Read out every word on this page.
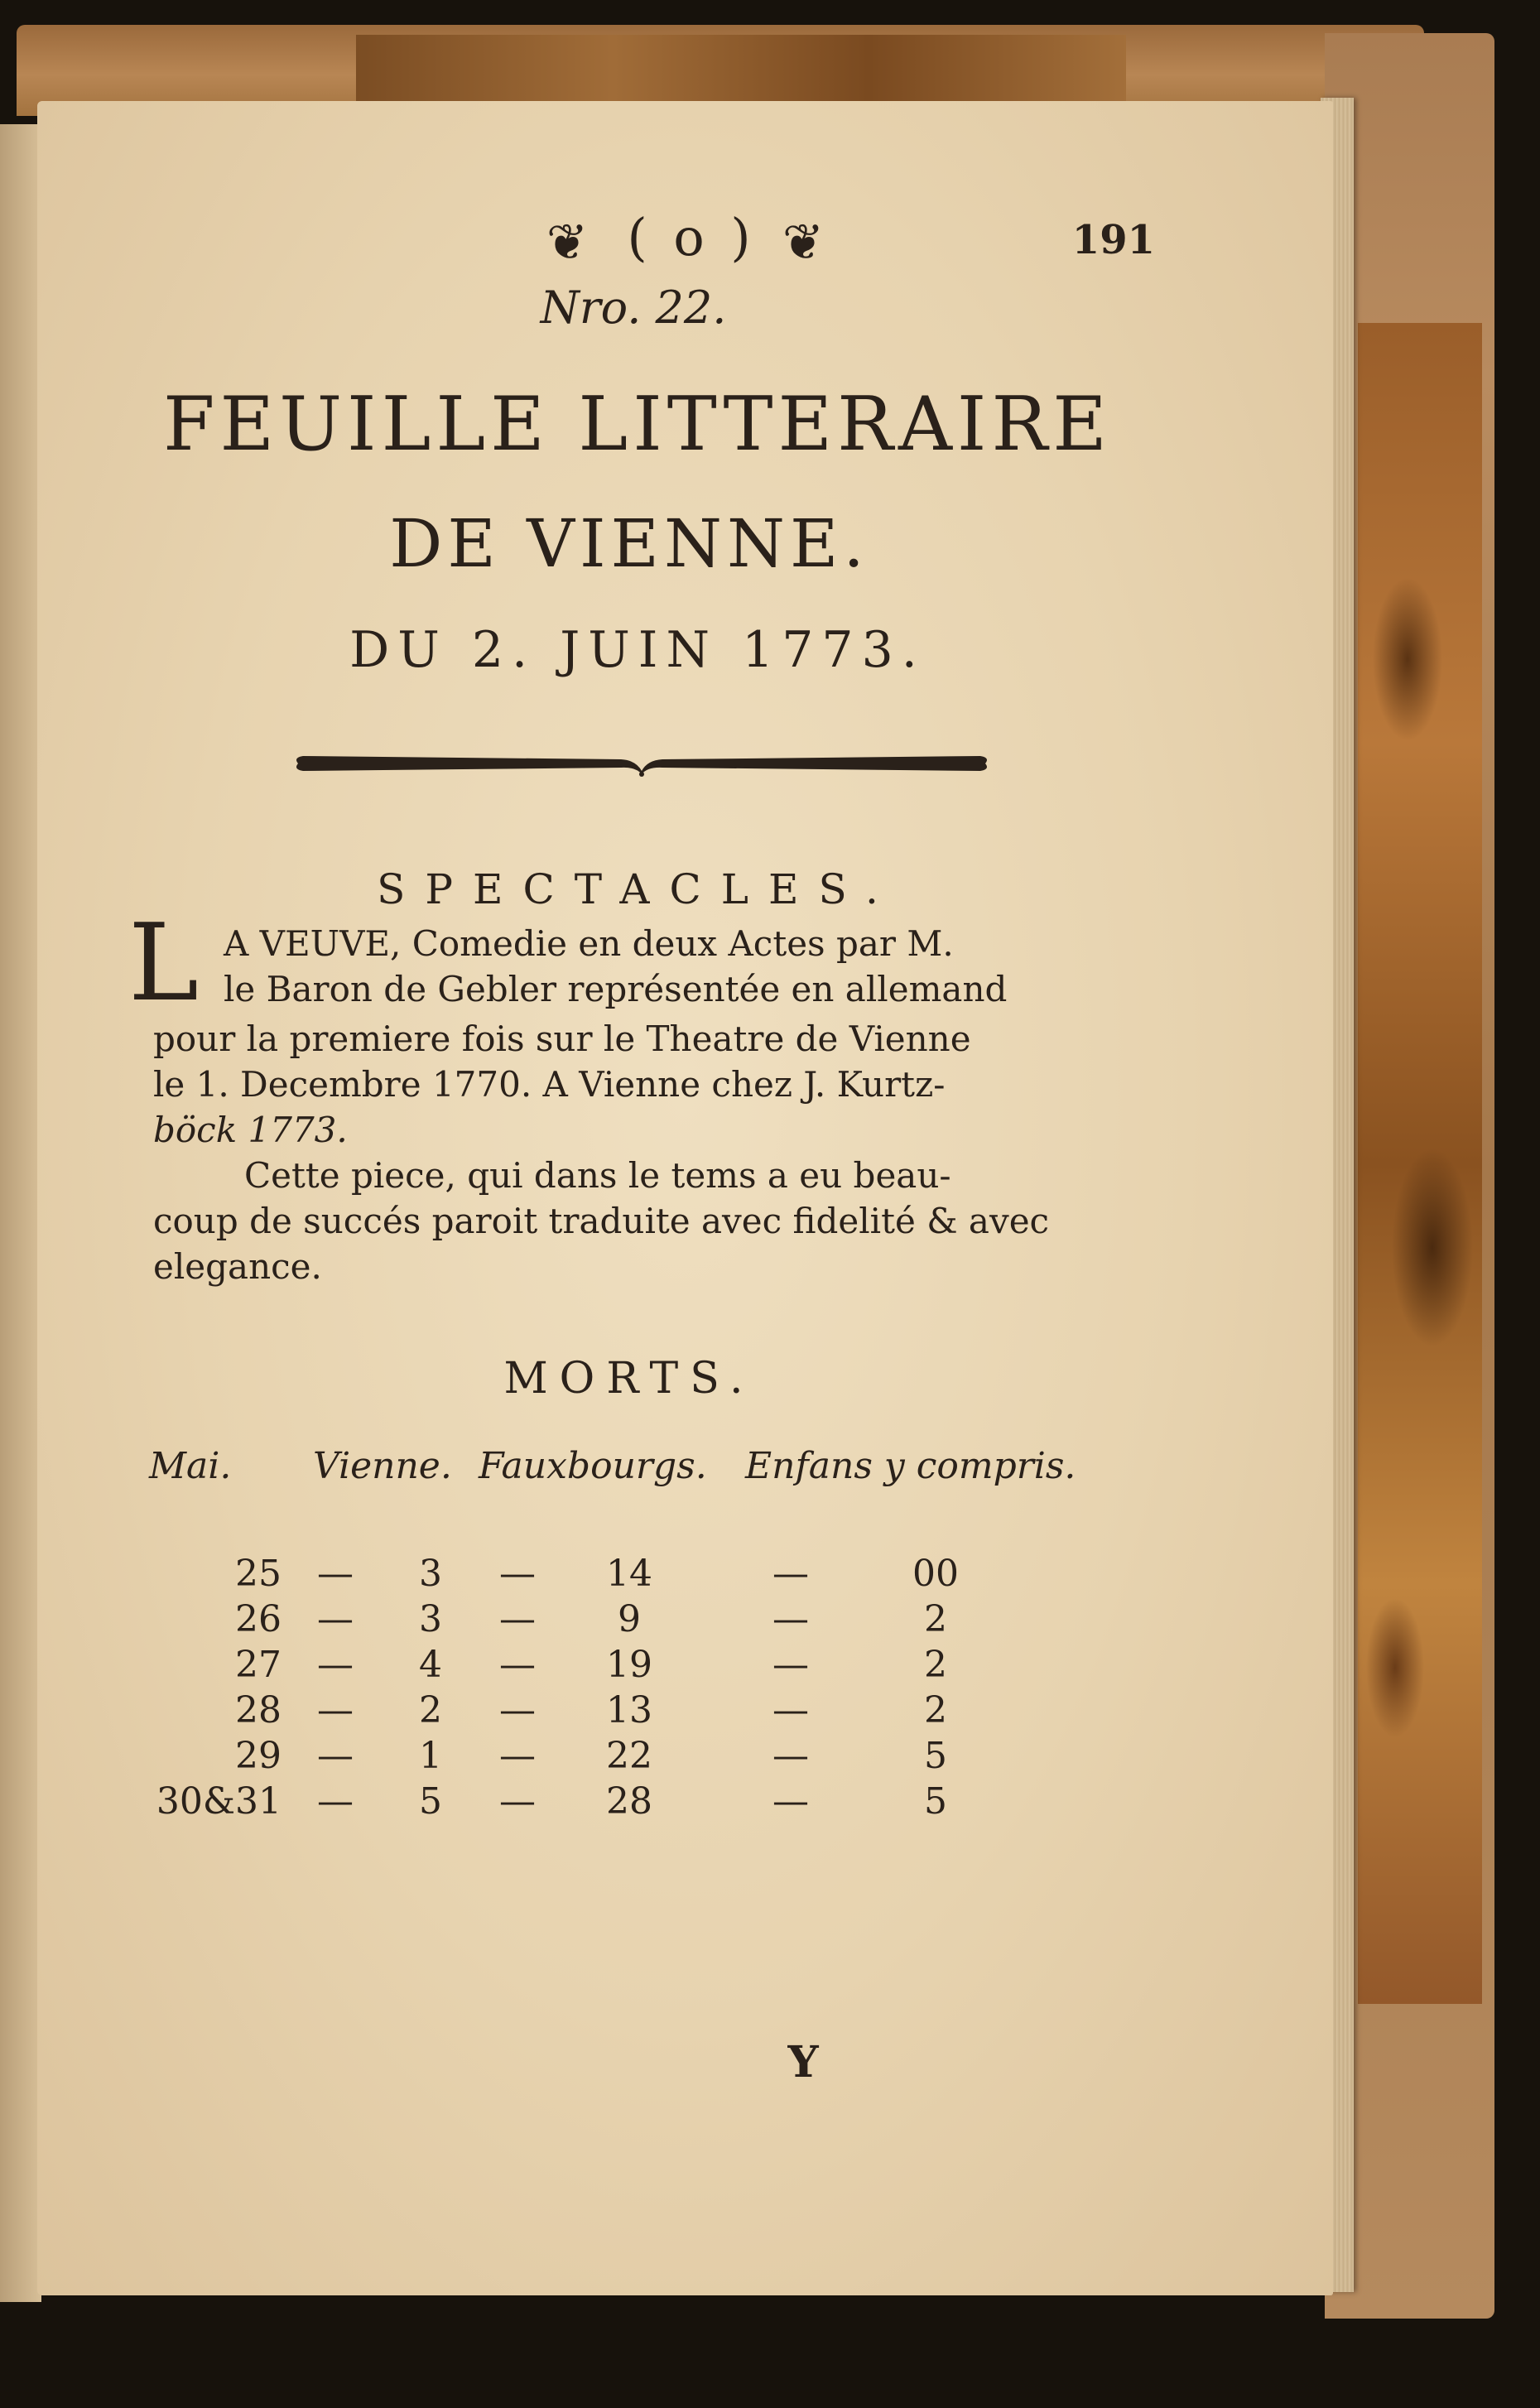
❦ ( o ) ❦	191

Nro. 22.

FEUILLE LITTERAIRE
DE VIENNE.

DU 2. JUIN 1773.

SPECTACLES.

L A VEUVE, Comedie en deux Actes par M.

le Baron de Gebler représentée en allemand

pour la premiere fois sur le Theatre de Vienne

le 1. Decembre 1770. A Vienne chez J. Kurtz-

böck 1773.

Cette piece, qui dans le tems a eu beau-

coup de succés paroit traduite avec fidelité & avec

elegance.

MORTS.

Mai. Vienne. Fauxbourgs. Enfans y compris.

25 —	3	—	14	—	00

26 —	3	—	9	—	2

27 —	4	—	19	—	2

28 —	2	—	13	—	2

29 —	1	—	22	—	5

30&31 —	5	—	28	—	5

Y
